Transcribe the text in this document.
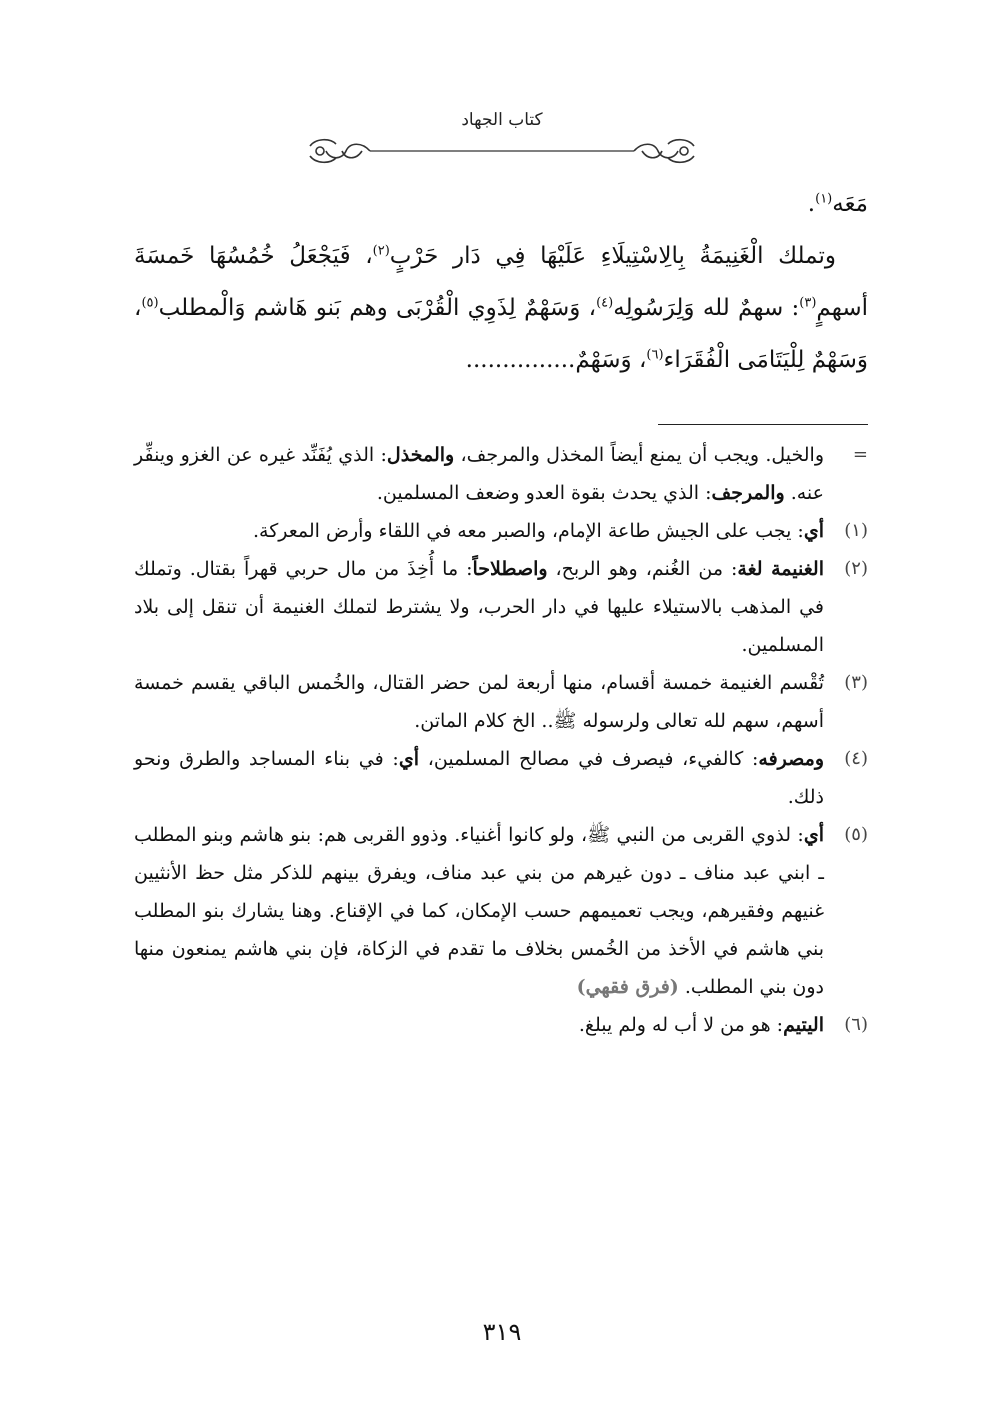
كتاب الجهاد

مَعَه$^{(١)}$.

وتملك الْغَنِيمَةُ بِالِاسْتِيلَاءِ عَلَيْهَا فِي دَار حَرْبٍ$^{(٢)}$، فَيَجْعَلُ خُمُسُهَا خَمسَةَ أسهمٍ$^{(٣)}$: سهمٌ لله وَلِرَسُولِه$^{(٤)}$، وَسَهْمٌ لِذَوِي الْقُرْبَى وهم بَنو هَاشم وَالْمطلب$^{(٥)}$، وَسَهْمٌ لِلْيَتَامَى الْفُقَرَاء$^{(٦)}$، وَسَهْمٌ...............

=
والخيل. ويجب أن يمنع أيضاً المخذل والمرجف، والمخذل: الذي يُفَنِّد غيره عن الغزو وينفِّر عنه. والمرجف: الذي يحدث بقوة العدو وضعف المسلمين.

(١)
أي: يجب على الجيش طاعة الإمام، والصبر معه في اللقاء وأرض المعركة.

(٢)
الغنيمة لغة: من الغُنم، وهو الربح، واصطلاحاً: ما أُخِذَ من مال حربي قهراً بقتال. وتملك في المذهب بالاستيلاء عليها في دار الحرب، ولا يشترط لتملك الغنيمة أن تنقل إلى بلاد المسلمين.

(٣)
تُقْسم الغنيمة خمسة أقسام، منها أربعة لمن حضر القتال، والخُمس الباقي يقسم خمسة أسهم، سهم لله تعالى ولرسوله ﷺ.. الخ كلام الماتن.

(٤)
ومصرفه: كالفيء، فيصرف في مصالح المسلمين، أي: في بناء المساجد والطرق ونحو ذلك.

(٥)
أي: لذوي القربى من النبي ﷺ، ولو كانوا أغنياء. وذوو القربى هم: بنو هاشم وبنو المطلب ـ ابني عبد مناف ـ دون غيرهم من بني عبد مناف، ويفرق بينهم للذكر مثل حظ الأنثيين غنيهم وفقيرهم، ويجب تعميمهم حسب الإمكان، كما في الإقناع. وهنا يشارك بنو المطلب بني هاشم في الأخذ من الخُمس بخلاف ما تقدم في الزكاة، فإن بني هاشم يمنعون منها دون بني المطلب. (فرق فقهي)

(٦)
اليتيم: هو من لا أب له ولم يبلغ.

٣١٩
